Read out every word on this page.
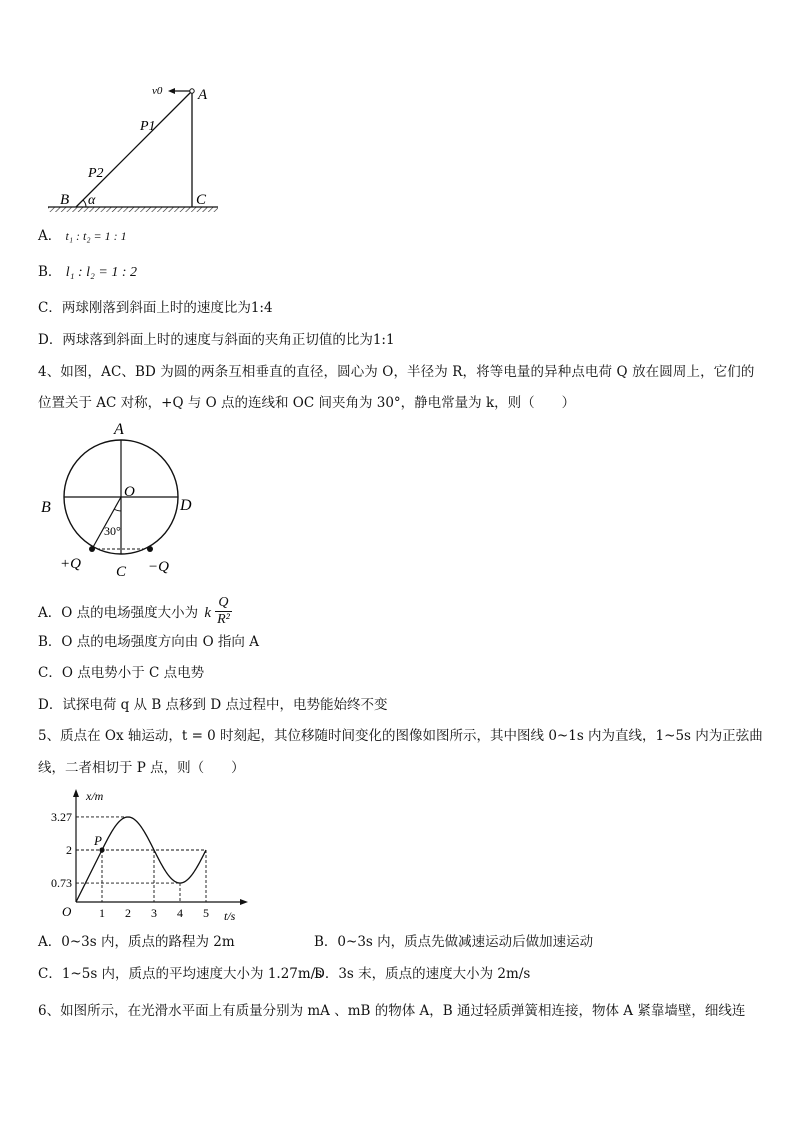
v0 A
P1
P2
B α	C
A． t₁ : t₂ = 1 : 1
B． l₁ : l₂ = 1 : 2
C．两球刚落到斜面上时的速度比为1:4
D．两球落到斜面上时的速度与斜面的夹角正切值的比为1:1
4、如图，AC、BD 为圆的两条互相垂直的直径，圆心为 O，半径为 R，将等电量的异种点电荷 Q 放在圆周上，它们的
位置关于 AC 对称，+Q 与 O 点的连线和 OC 间夹角为 30°，静电常量为 k，则（　　）
A
B	D
O
30°
+Q C −Q
A．O 点的电场强度大小为 k $\frac{Q}{\text{R²}}$
B．O 点的电场强度方向由 O 指向 A
C．O 点电势小于 C 点电势
D．试探电荷 q 从 B 点移到 D 点过程中，电势能始终不变
5、质点在 Ox 轴运动，t = 0 时刻起，其位移随时间变化的图像如图所示，其中图线 0~1s 内为直线，1~5s 内为正弦曲
线，二者相切于 P 点，则（　　）
x/m
t/s
O
3.27
2
0.73
1 2 3 4 5
P
A．0~3s 内，质点的路程为 2m	B．0~3s 内，质点先做减速运动后做加速运动
C．1~5s 内，质点的平均速度大小为 1.27m/s
D．3s 末，质点的速度大小为 2m/s
6、如图所示，在光滑水平面上有质量分别为 mA 、mB 的物体 A，B 通过轻质弹簧相连接，物体 A 紧靠墙壁，细线连
